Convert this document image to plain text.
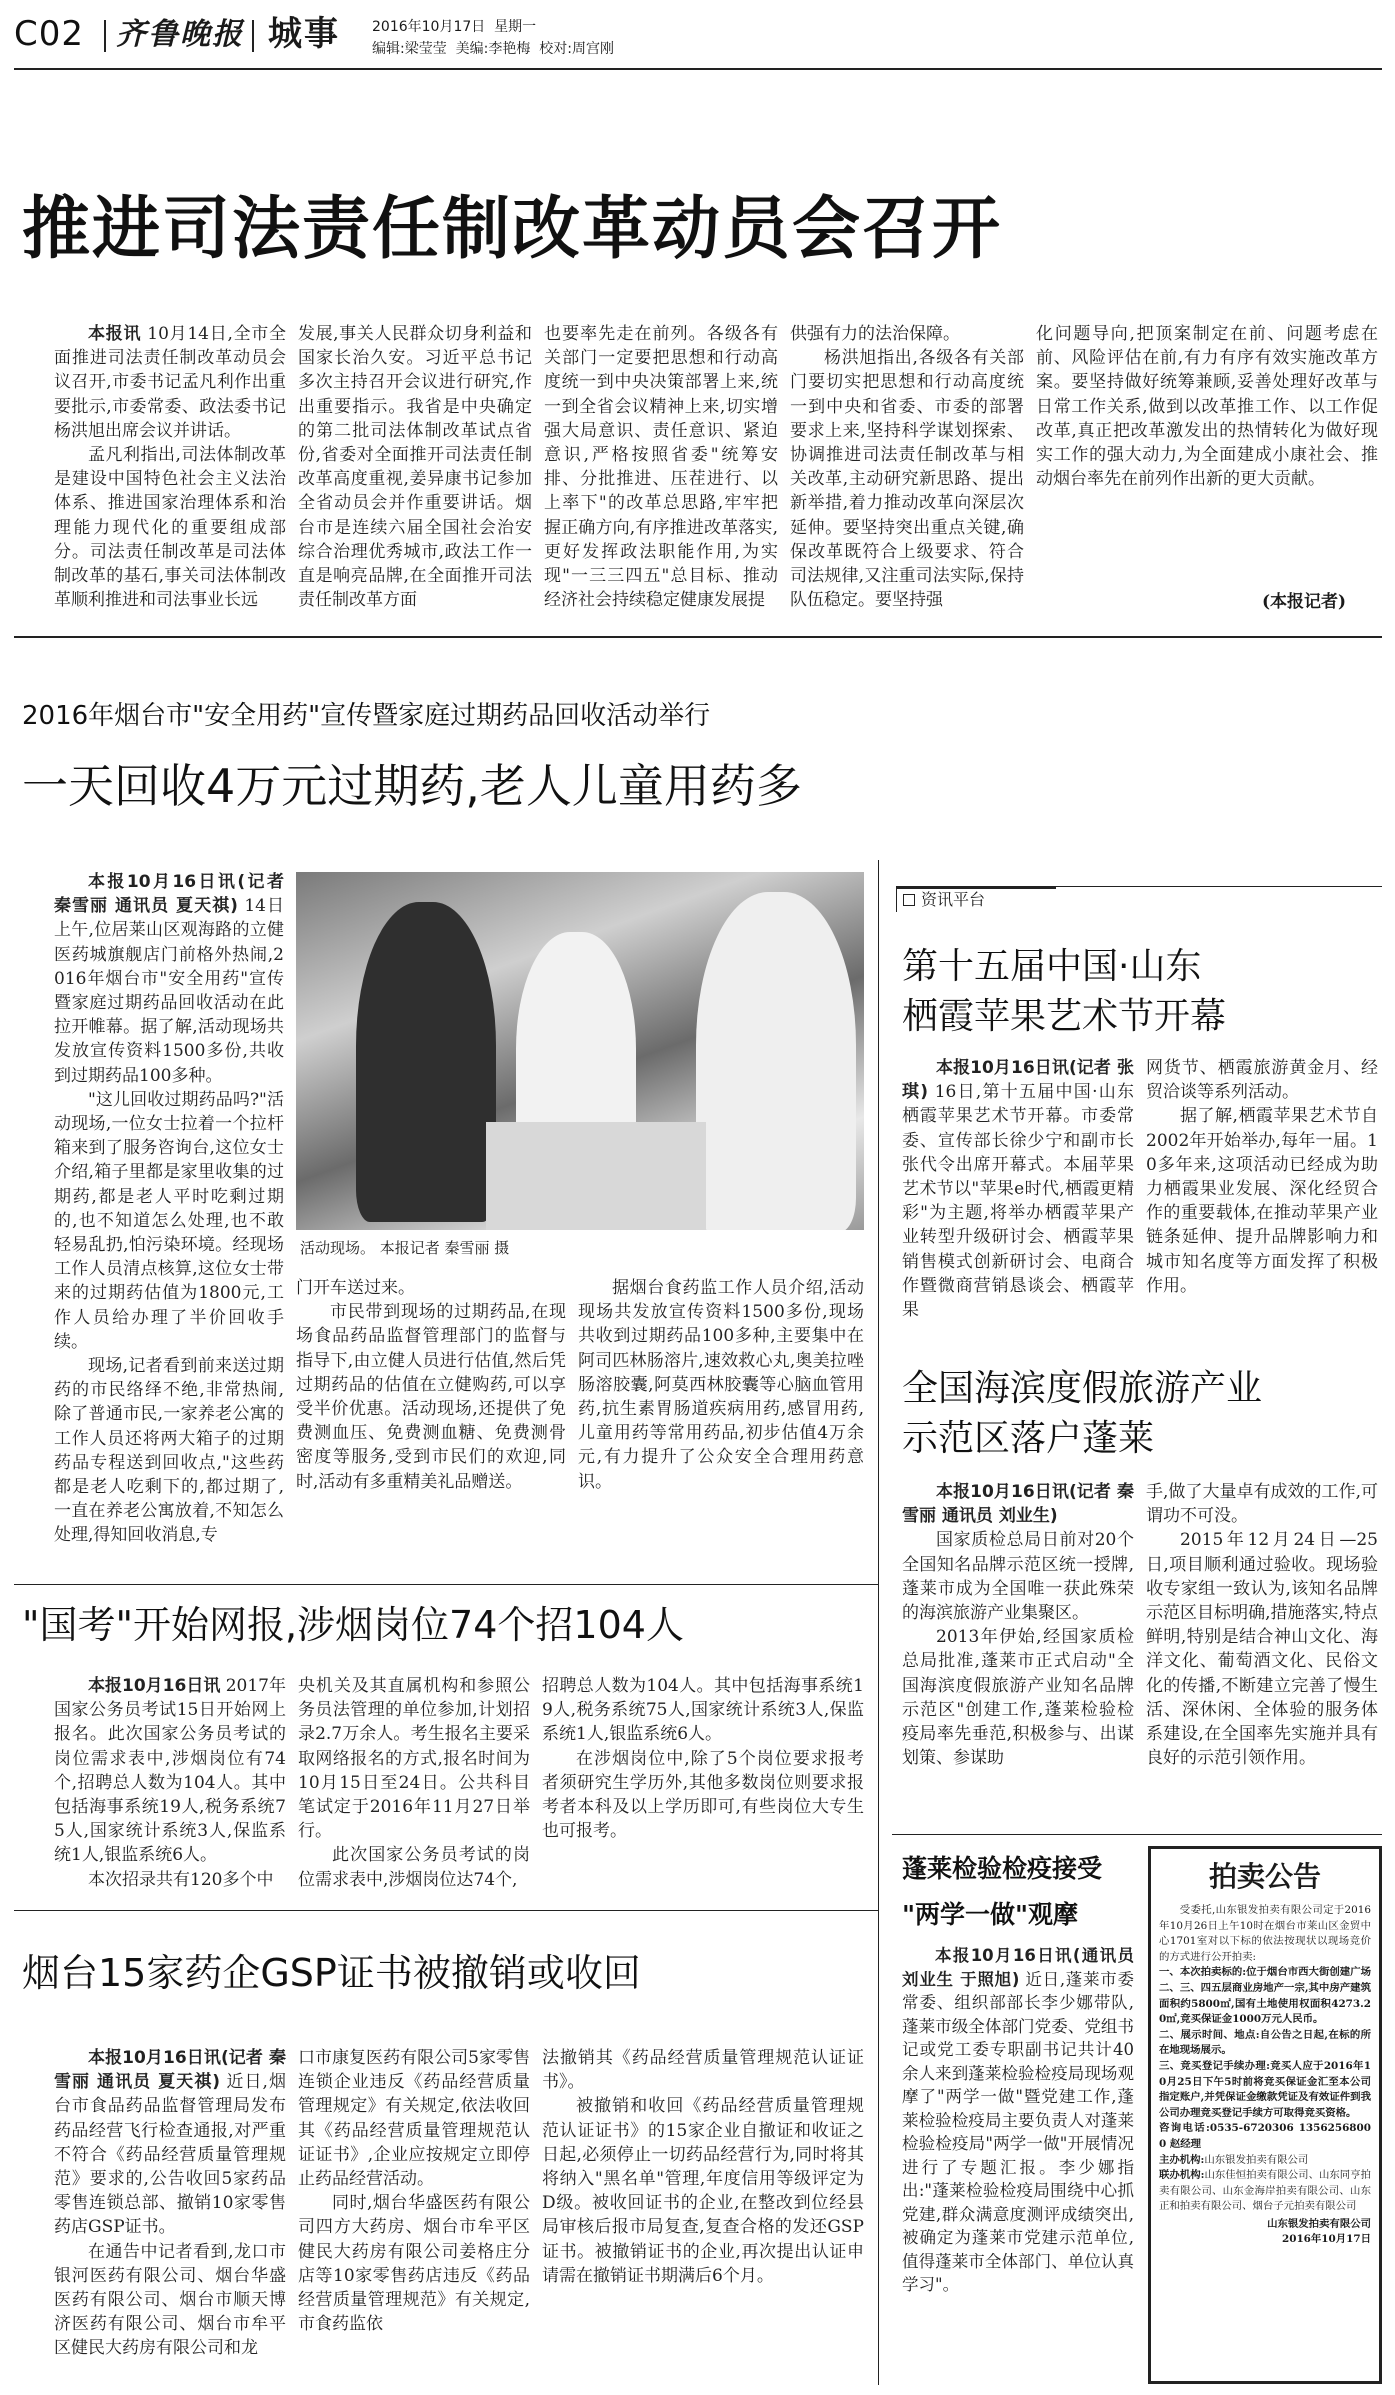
C02 齐鲁晚报 城事 2016年10月17日 星期一
编辑:梁莹莹 美编:李艳梅 校对:周宫刚
推进司法责任制改革动员会召开

本报讯 10月14日,全市全面推进司法责任制改革动员会议召开,市委书记孟凡利作出重要批示,市委常委、政法委书记杨洪旭出席会议并讲话。

孟凡利指出,司法体制改革是建设中国特色社会主义法治体系、推进国家治理体系和治理能力现代化的重要组成部分。司法责任制改革是司法体制改革的基石,事关司法体制改革顺利推进和司法事业长远

发展,事关人民群众切身利益和国家长治久安。习近平总书记多次主持召开会议进行研究,作出重要指示。我省是中央确定的第二批司法体制改革试点省份,省委对全面推开司法责任制改革高度重视,姜异康书记参加全省动员会并作重要讲话。烟台市是连续六届全国社会治安综合治理优秀城市,政法工作一直是响亮品牌,在全面推开司法责任制改革方面

也要率先走在前列。各级各有关部门一定要把思想和行动高度统一到中央决策部署上来,统一到全省会议精神上来,切实增强大局意识、责任意识、紧迫意识,严格按照省委"统筹安排、分批推进、压茬进行、以上率下"的改革总思路,牢牢把握正确方向,有序推进改革落实,更好发挥政法职能作用,为实现"一三三四五"总目标、推动经济社会持续稳定健康发展提

供强有力的法治保障。

杨洪旭指出,各级各有关部门要切实把思想和行动高度统一到中央和省委、市委的部署要求上来,坚持科学谋划探索、协调推进司法责任制改革与相关改革,主动研究新思路、提出新举措,着力推动改革向深层次延伸。要坚持突出重点关键,确保改革既符合上级要求、符合司法规律,又注重司法实际,保持队伍稳定。要坚持强

化问题导向,把顶案制定在前、问题考虑在前、风险评估在前,有力有序有效实施改革方案。要坚持做好统筹兼顾,妥善处理好改革与日常工作关系,做到以改革推工作、以工作促改革,真正把改革激发出的热情转化为做好现实工作的强大动力,为全面建成小康社会、推动烟台率先在前列作出新的更大贡献。

(本报记者)
2016年烟台市"安全用药"宣传暨家庭过期药品回收活动举行
一天回收4万元过期药,老人儿童用药多

本报10月16日讯(记者 秦雪丽 通讯员 夏天祺) 14日上午,位居莱山区观海路的立健医药城旗舰店门前格外热闹,2016年烟台市"安全用药"宣传暨家庭过期药品回收活动在此拉开帷幕。据了解,活动现场共发放宣传资料1500多份,共收到过期药品100多种。

"这儿回收过期药品吗?"活动现场,一位女士拉着一个拉杆箱来到了服务咨询台,这位女士介绍,箱子里都是家里收集的过期药,都是老人平时吃剩过期的,也不知道怎么处理,也不敢轻易乱扔,怕污染环境。经现场工作人员清点核算,这位女士带来的过期药估值为1800元,工作人员给办理了半价回收手续。

现场,记者看到前来送过期药的市民络绎不绝,非常热闹,除了普通市民,一家养老公寓的工作人员还将两大箱子的过期药品专程送到回收点,"这些药都是老人吃剩下的,都过期了,一直在养老公寓放着,不知怎么处理,得知回收消息,专

活动现场。 本报记者 秦雪丽 摄

门开车送过来。

市民带到现场的过期药品,在现场食品药品监督管理部门的监督与指导下,由立健人员进行估值,然后凭过期药品的估值在立健购药,可以享受半价优惠。活动现场,还提供了免费测血压、免费测血糖、免费测骨密度等服务,受到市民们的欢迎,同时,活动有多重精美礼品赠送。

据烟台食药监工作人员介绍,活动现场共发放宣传资料1500多份,现场共收到过期药品100多种,主要集中在阿司匹林肠溶片,速效救心丸,奥美拉唑肠溶胶囊,阿莫西林胶囊等心脑血管用药,抗生素胃肠道疾病用药,感冒用药,儿童用药等常用药品,初步估值4万余元,有力提升了公众安全合理用药意识。

"国考"开始网报,涉烟岗位74个招104人

本报10月16日讯 2017年国家公务员考试15日开始网上报名。此次国家公务员考试的岗位需求表中,涉烟岗位有74个,招聘总人数为104人。其中包括海事系统19人,税务系统75人,国家统计系统3人,保监系统1人,银监系统6人。

本次招录共有120多个中

央机关及其直属机构和参照公务员法管理的单位参加,计划招录2.7万余人。考生报名主要采取网络报名的方式,报名时间为10月15日至24日。公共科目笔试定于2016年11月27日举行。

此次国家公务员考试的岗位需求表中,涉烟岗位达74个,

招聘总人数为104人。其中包括海事系统19人,税务系统75人,国家统计系统3人,保监系统1人,银监系统6人。

在涉烟岗位中,除了5个岗位要求报考者须研究生学历外,其他多数岗位则要求报考者本科及以上学历即可,有些岗位大专生也可报考。

烟台15家药企GSP证书被撤销或收回

本报10月16日讯(记者 秦雪丽 通讯员 夏天祺) 近日,烟台市食品药品监督管理局发布药品经营飞行检查通报,对严重不符合《药品经营质量管理规范》要求的,公告收回5家药品零售连锁总部、撤销10家零售药店GSP证书。

在通告中记者看到,龙口市银河医药有限公司、烟台华盛医药有限公司、烟台市顺天博济医药有限公司、烟台市牟平区健民大药房有限公司和龙

口市康复医药有限公司5家零售连锁企业违反《药品经营质量管理规定》有关规定,依法收回其《药品经营质量管理规范认证证书》,企业应按规定立即停止药品经营活动。

同时,烟台华盛医药有限公司四方大药房、烟台市牟平区健民大药房有限公司姜格庄分店等10家零售药店违反《药品经营质量管理规范》有关规定,市食药监依

法撤销其《药品经营质量管理规范认证证书》。

被撤销和收回《药品经营质量管理规范认证证书》的15家企业自撤证和收证之日起,必须停止一切药品经营行为,同时将其将纳入"黑名单"管理,年度信用等级评定为D级。被收回证书的企业,在整改到位经县局审核后报市局复查,复查合格的发还GSP证书。被撤销证书的企业,再次提出认证申请需在撤销证书期满后6个月。

资讯平台
第十五届中国·山东
栖霞苹果艺术节开幕

本报10月16日讯(记者 张琪) 16日,第十五届中国·山东栖霞苹果艺术节开幕。市委常委、宣传部长徐少宁和副市长张代令出席开幕式。本届苹果艺术节以"苹果e时代,栖霞更精彩"为主题,将举办栖霞苹果产业转型升级研讨会、栖霞苹果销售模式创新研讨会、电商合作暨微商营销恳谈会、栖霞苹果

网货节、栖霞旅游黄金月、经贸洽谈等系列活动。

据了解,栖霞苹果艺术节自2002年开始举办,每年一届。10多年来,这项活动已经成为助力栖霞果业发展、深化经贸合作的重要载体,在推动苹果产业链条延伸、提升品牌影响力和城市知名度等方面发挥了积极作用。

全国海滨度假旅游产业
示范区落户蓬莱

本报10月16日讯(记者 秦雪丽 通讯员 刘业生)

国家质检总局日前对20个全国知名品牌示范区统一授牌,蓬莱市成为全国唯一获此殊荣的海滨旅游产业集聚区。

2013年伊始,经国家质检总局批准,蓬莱市正式启动"全国海滨度假旅游产业知名品牌示范区"创建工作,蓬莱检验检疫局率先垂范,积极参与、出谋划策、参谋助

手,做了大量卓有成效的工作,可谓功不可没。

2015年12月24日—25日,项目顺利通过验收。现场验收专家组一致认为,该知名品牌示范区目标明确,措施落实,特点鲜明,特别是结合神山文化、海洋文化、葡萄酒文化、民俗文化的传播,不断建立完善了慢生活、深休闲、全体验的服务体系建设,在全国率先实施并具有良好的示范引领作用。

蓬莱检验检疫接受
"两学一做"观摩

本报10月16日讯(通讯员 刘业生 于照旭) 近日,蓬莱市委常委、组织部部长李少娜带队,蓬莱市级全体部门党委、党组书记或党工委专职副书记共计40余人来到蓬莱检验检疫局现场观摩了"两学一做"暨党建工作,蓬莱检验检疫局主要负责人对蓬莱检验检疫局"两学一做"开展情况进行了专题汇报。李少娜指出:"蓬莱检验检疫局围绕中心抓党建,群众满意度测评成绩突出,被确定为蓬莱市党建示范单位,值得蓬莱市全体部门、单位认真学习"。

拍卖公告

受委托,山东银发拍卖有限公司定于2016年10月26日上午10时在烟台市莱山区金贸中心1701室对以下标的依法按现状以现场竞价的方式进行公开拍卖:

一、本次拍卖标的:位于烟台市西大街创建广场二、三、四五层商业房地产一宗,其中房产建筑面积约5800㎡,国有土地使用权面积4273.20㎡,竞买保证金1000万元人民币。

二、展示时间、地点:自公告之日起,在标的所在地现场展示。

三、竞买登记手续办理:竞买人应于2016年10月25日下午5时前将竞买保证金汇至本公司指定账户,并凭保证金缴款凭证及有效证件到我公司办理竞买登记手续方可取得竞买资格。

咨询电话:0535-6720306 13562568000 赵经理

主办机构:山东银发拍卖有限公司

联办机构:山东佳恒拍卖有限公司、山东同亨拍卖有限公司、山东金海岸拍卖有限公司、山东正和拍卖有限公司、烟台子元拍卖有限公司

山东银发拍卖有限公司

2016年10月17日
